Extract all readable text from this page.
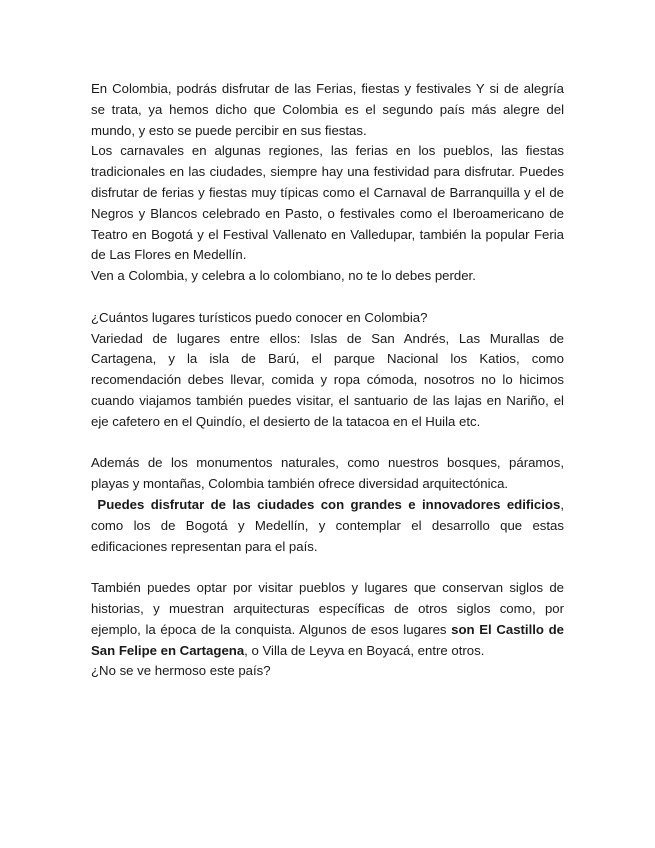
En Colombia, podrás disfrutar de las Ferias, fiestas y festivales Y si de alegría se trata, ya hemos dicho que Colombia es el segundo país más alegre del mundo, y esto se puede percibir en sus fiestas.

Los carnavales en algunas regiones, las ferias en los pueblos, las fiestas tradicionales en las ciudades, siempre hay una festividad para disfrutar. Puedes disfrutar de ferias y fiestas muy típicas como el Carnaval de Barranquilla y el de Negros y Blancos celebrado en Pasto, o festivales como el Iberoamericano de Teatro en Bogotá y el Festival Vallenato en Valledupar, también la popular Feria de Las Flores en Medellín.

Ven a Colombia, y celebra a lo colombiano, no te lo debes perder.

¿Cuántos lugares turísticos puedo conocer en Colombia?

Variedad de lugares entre ellos: Islas de San Andrés, Las Murallas de Cartagena, y la isla de Barú, el parque Nacional los Katios, como recomendación debes llevar, comida y ropa cómoda, nosotros no lo hicimos cuando viajamos también puedes visitar, el santuario de las lajas en Nariño, el eje cafetero en el Quindío, el desierto de la tatacoa en el Huila etc.

Además de los monumentos naturales, como nuestros bosques, páramos, playas y montañas, Colombia también ofrece diversidad arquitectónica.

Puedes disfrutar de las ciudades con grandes e innovadores edificios, como los de Bogotá y Medellín, y contemplar el desarrollo que estas edificaciones representan para el país.

También puedes optar por visitar pueblos y lugares que conservan siglos de historias, y muestran arquitecturas específicas de otros siglos como, por ejemplo, la época de la conquista. Algunos de esos lugares son El Castillo de San Felipe en Cartagena, o Villa de Leyva en Boyacá, entre otros.

¿No se ve hermoso este país?
